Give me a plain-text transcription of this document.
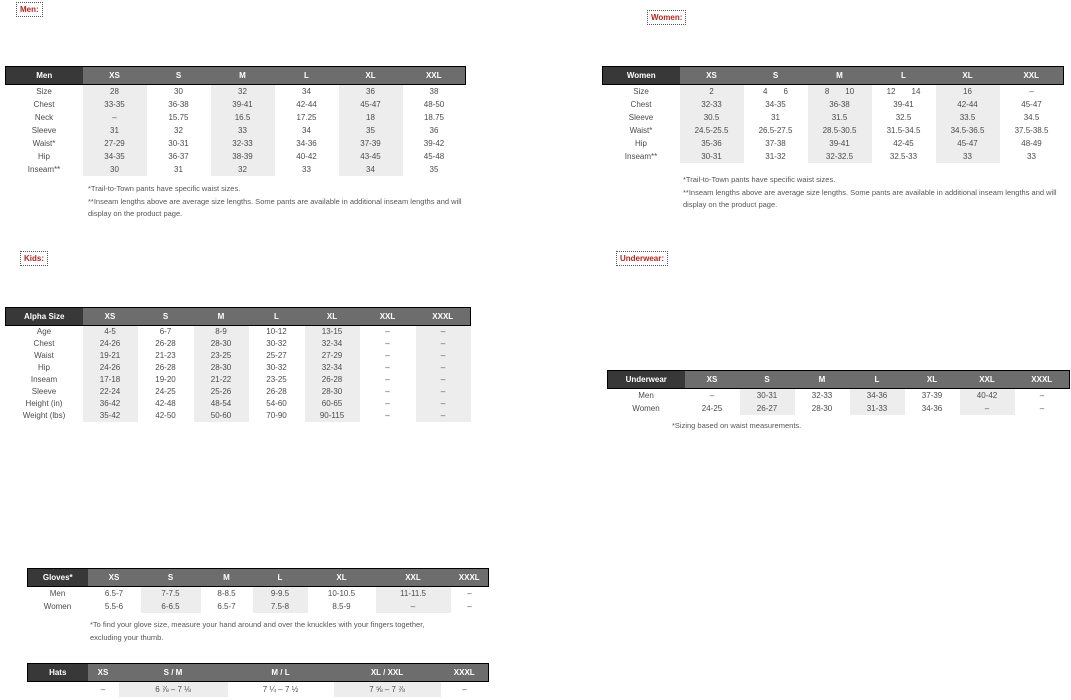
Men:
Women:
Kids:	Underwear:
Men	XS	S	M	L	XL	XXL
Size	28	30	32	34	36	38
Chest	33-35	36-38	39-41	42-44	45-47	48-50
Neck	–	15.75	16.5	17.25	18	18.75
Sleeve	31	32	33	34	35	36
Waist*	27-29	30-31	32-33	34-36	37-39	39-42
Hip	34-35	36-37	38-39	40-42	43-45	45-48
Inseam**	30	31	32	33	34	35
*Trail-to-Town pants have specific waist sizes.
**Inseam lengths above are average size lengths. Some pants are available in additional inseam lengths and will display on the product page.
Women	XS	S	M	L	XL	XXL
Size	2	4  6	8  10	12  14	16	–
Chest	32-33	34-35	36-38	39-41	42-44	45-47
Sleeve	30.5	31	31.5	32.5	33.5	34.5
Waist*	24.5-25.5	26.5-27.5	28.5-30.5	31.5-34.5	34.5-36.5	37.5-38.5
Hip	35-36	37-38	39-41	42-45	45-47	48-49
Inseam**	30-31	31-32	32-32.5	32.5-33	33	33
*Trail-to-Town pants have specific waist sizes.
**Inseam lengths above are average size lengths. Some pants are available in additional inseam lengths and will display on the product page.
Alpha Size	XS	S	M	L	XL	XXL	XXXL
Age	4-5	6-7	8-9	10-12	13-15	–	–
Chest	24-26	26-28	28-30	30-32	32-34	–	–
Waist	19-21	21-23	23-25	25-27	27-29	–	–
Hip	24-26	26-28	28-30	30-32	32-34	–	–
Inseam	17-18	19-20	21-22	23-25	26-28	–	–
Sleeve	22-24	24-25	25-26	26-28	28-30	–	–
Height (in)	36-42	42-48	48-54	54-60	60-65	–	–
Weight (lbs)	35-42	42-50	50-60	70-90	90-115	–	–
Underwear	XS	S	M	L	XL	XXL	XXXL
Men	–	30-31	32-33	34-36	37-39	40-42	–
Women	24-25	26-27	28-30	31-33	34-36	–	–
*Sizing based on waist measurements.
Gloves*	XS	S	M	L	XL	XXL	XXXL
Men	6.5-7	7-7.5	8-8.5	9-9.5	10-10.5	11-11.5	–
Women	5.5-6	6-6.5	6.5-7	7.5-8	8.5-9	–	–
*To find your glove size, measure your hand around and over the knuckles with your fingers together, excluding your thumb.
Hats	XS	S / M	M / L	XL / XXL	XXXL
	–	6 ⅞ – 7 ⅛	7 ¼ – 7 ½	7 ⅝ – 7 ⅞	–
